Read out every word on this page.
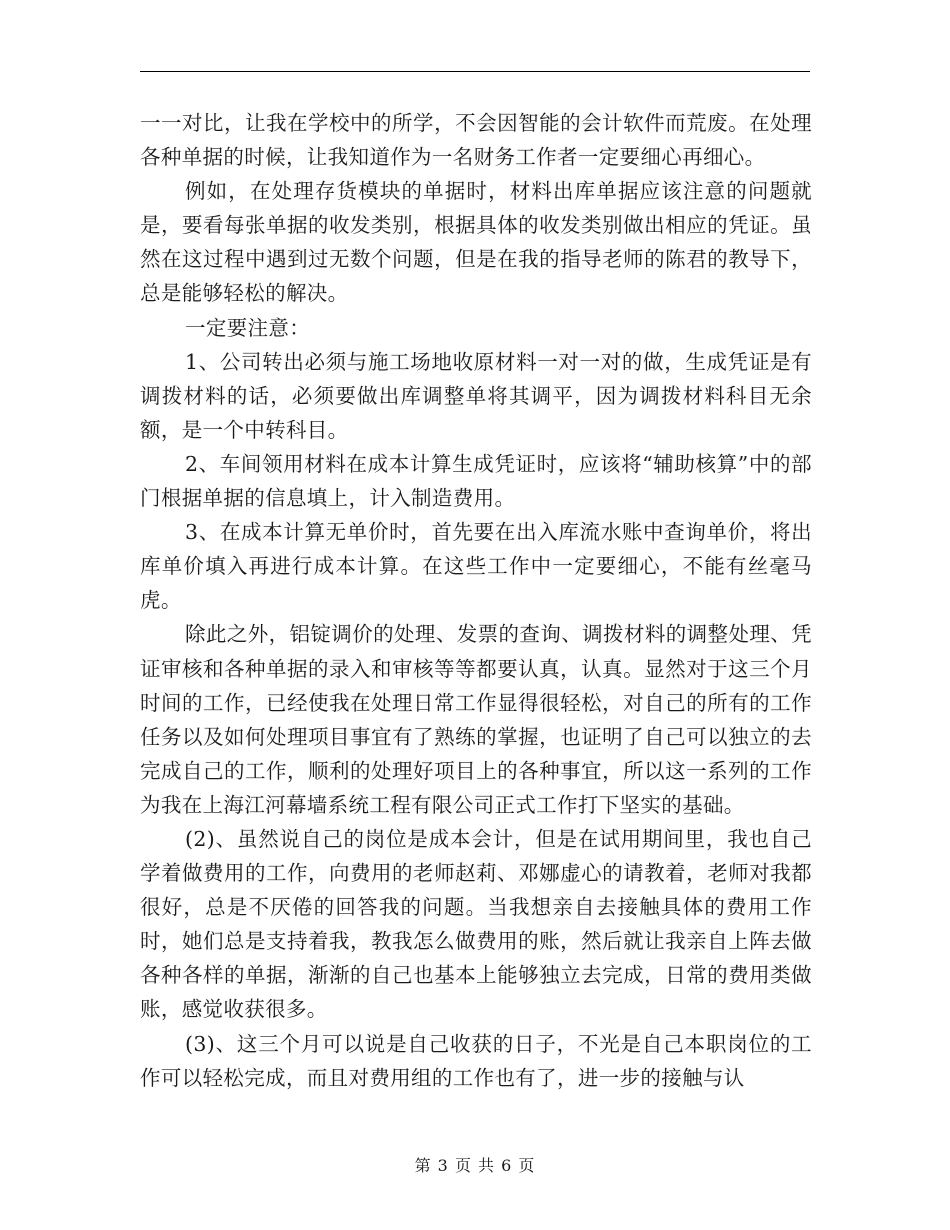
一一对比，让我在学校中的所学，不会因智能的会计软件而荒废。在处理各种单据的时候，让我知道作为一名财务工作者一定要细心再细心。

例如，在处理存货模块的单据时，材料出库单据应该注意的问题就是，要看每张单据的收发类别，根据具体的收发类别做出相应的凭证。虽然在这过程中遇到过无数个问题，但是在我的指导老师的陈君的教导下，总是能够轻松的解决。

一定要注意：

1、公司转出必须与施工场地收原材料一对一对的做，生成凭证是有调拨材料的话，必须要做出库调整单将其调平，因为调拨材料科目无余额，是一个中转科目。

2、车间领用材料在成本计算生成凭证时，应该将“辅助核算”中的部门根据单据的信息填上，计入制造费用。

3、在成本计算无单价时，首先要在出入库流水账中查询单价，将出库单价填入再进行成本计算。在这些工作中一定要细心，不能有丝毫马虎。

除此之外，铝锭调价的处理、发票的查询、调拨材料的调整处理、凭证审核和各种单据的录入和审核等等都要认真，认真。显然对于这三个月时间的工作，已经使我在处理日常工作显得很轻松，对自己的所有的工作任务以及如何处理项目事宜有了熟练的掌握，也证明了自己可以独立的去完成自己的工作，顺利的处理好项目上的各种事宜，所以这一系列的工作为我在上海江河幕墙系统工程有限公司正式工作打下坚实的基础。

(2)、虽然说自己的岗位是成本会计，但是在试用期间里，我也自己学着做费用的工作，向费用的老师赵莉、邓娜虚心的请教着，老师对我都很好，总是不厌倦的回答我的问题。当我想亲自去接触具体的费用工作时，她们总是支持着我，教我怎么做费用的账，然后就让我亲自上阵去做各种各样的单据，渐渐的自己也基本上能够独立去完成，日常的费用类做账，感觉收获很多。

(3)、这三个月可以说是自己收获的日子，不光是自己本职岗位的工作可以轻松完成，而且对费用组的工作也有了，进一步的接触与认

第 3 页 共 6 页
